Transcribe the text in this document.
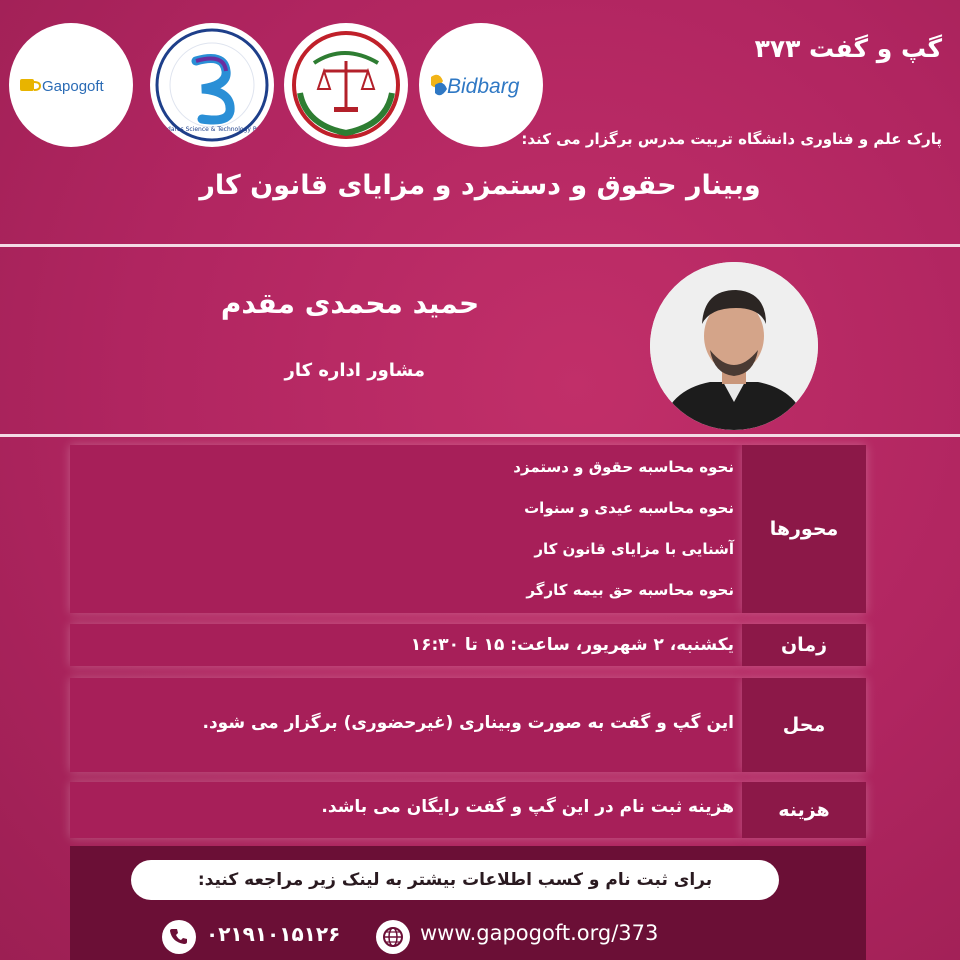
Gapogoft
Modares Science & Technology Park
Bidbarg
گپ و گفت ۳۷۳
پارک علم و فناوری دانشگاه تربیت مدرس برگزار می کند:
وبینار حقوق و دستمزد و مزایای قانون کار
حمید محمدی مقدم
مشاور اداره کار
محورها
نحوه محاسبه حقوق و دستمزد
نحوه محاسبه عیدی و سنوات
آشنایی با مزایای قانون کار
نحوه محاسبه حق بیمه کارگر
زمان
یکشنبه، ۲ شهریور، ساعت: ۱۵ تا ۱۶:۳۰
محل
این گپ و گفت به صورت وبیناری (غیرحضوری) برگزار می شود.
هزینه
هزینه ثبت نام در این گپ و گفت رایگان می باشد.
برای ثبت نام و کسب اطلاعات بیشتر به لینک زیر مراجعه کنید:
۰۲۱۹۱۰۱۵۱۲۶	www.gapogoft.org/373
